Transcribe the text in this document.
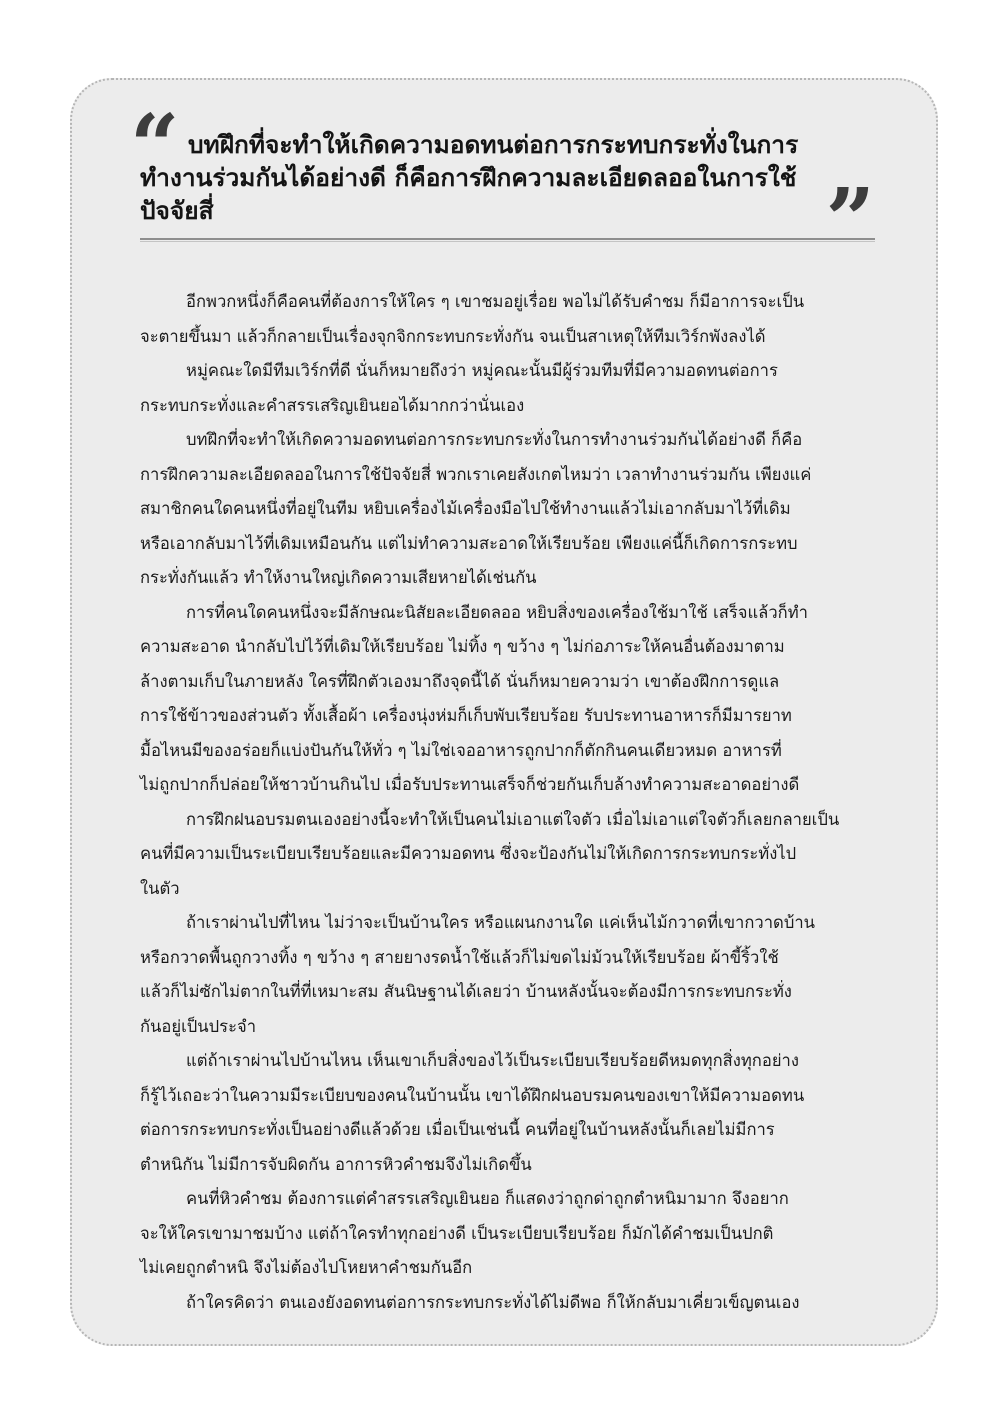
“ บทฝึกที่จะทำให้เกิดความอดทนต่อการกระทบกระทั่งในการ
ทำงานร่วมกันได้อย่างดี ก็คือการฝึกความละเอียดลออในการใช้
ปัจจัยสี่	”

อีกพวกหนึ่งก็คือคนที่ต้องการให้ใคร ๆ เขาชมอยู่เรื่อย พอไม่ได้รับคำชม ก็มีอาการจะเป็น
จะตายขึ้นมา แล้วก็กลายเป็นเรื่องจุกจิกกระทบกระทั่งกัน จนเป็นสาเหตุให้ทีมเวิร์กพังลงได้

หมู่คณะใดมีทีมเวิร์กที่ดี นั่นก็หมายถึงว่า หมู่คณะนั้นมีผู้ร่วมทีมที่มีความอดทนต่อการ
กระทบกระทั่งและคำสรรเสริญเยินยอได้มากกว่านั่นเอง

บทฝึกที่จะทำให้เกิดความอดทนต่อการกระทบกระทั่งในการทำงานร่วมกันได้อย่างดี ก็คือ
การฝึกความละเอียดลออในการใช้ปัจจัยสี่ พวกเราเคยสังเกตไหมว่า เวลาทำงานร่วมกัน เพียงแค่
สมาชิกคนใดคนหนึ่งที่อยู่ในทีม หยิบเครื่องไม้เครื่องมือไปใช้ทำงานแล้วไม่เอากลับมาไว้ที่เดิม
หรือเอากลับมาไว้ที่เดิมเหมือนกัน แต่ไม่ทำความสะอาดให้เรียบร้อย เพียงแค่นี้ก็เกิดการกระทบ
กระทั่งกันแล้ว ทำให้งานใหญ่เกิดความเสียหายได้เช่นกัน

การที่คนใดคนหนึ่งจะมีลักษณะนิสัยละเอียดลออ หยิบสิ่งของเครื่องใช้มาใช้ เสร็จแล้วก็ทำ
ความสะอาด นำกลับไปไว้ที่เดิมให้เรียบร้อย ไม่ทิ้ง ๆ ขว้าง ๆ ไม่ก่อภาระให้คนอื่นต้องมาตาม
ล้างตามเก็บในภายหลัง ใครที่ฝึกตัวเองมาถึงจุดนี้ได้ นั่นก็หมายความว่า เขาต้องฝึกการดูแล
การใช้ข้าวของส่วนตัว ทั้งเสื้อผ้า เครื่องนุ่งห่มก็เก็บพับเรียบร้อย รับประทานอาหารก็มีมารยาท
มื้อไหนมีของอร่อยก็แบ่งปันกันให้ทั่ว ๆ ไม่ใช่เจออาหารถูกปากก็ตักกินคนเดียวหมด อาหารที่
ไม่ถูกปากก็ปล่อยให้ชาวบ้านกินไป เมื่อรับประทานเสร็จก็ช่วยกันเก็บล้างทำความสะอาดอย่างดี

การฝึกฝนอบรมตนเองอย่างนี้จะทำให้เป็นคนไม่เอาแต่ใจตัว เมื่อไม่เอาแต่ใจตัวก็เลยกลายเป็น
คนที่มีความเป็นระเบียบเรียบร้อยและมีความอดทน ซึ่งจะป้องกันไม่ให้เกิดการกระทบกระทั่งไป
ในตัว

ถ้าเราผ่านไปที่ไหน ไม่ว่าจะเป็นบ้านใคร หรือแผนกงานใด แค่เห็นไม้กวาดที่เขากวาดบ้าน
หรือกวาดพื้นถูกวางทิ้ง ๆ ขว้าง ๆ สายยางรดน้ำใช้แล้วก็ไม่ขดไม่ม้วนให้เรียบร้อย ผ้าขี้ริ้วใช้
แล้วก็ไม่ซักไม่ตากในที่ที่เหมาะสม สันนิษฐานได้เลยว่า บ้านหลังนั้นจะต้องมีการกระทบกระทั่ง
กันอยู่เป็นประจำ

แต่ถ้าเราผ่านไปบ้านไหน เห็นเขาเก็บสิ่งของไว้เป็นระเบียบเรียบร้อยดีหมดทุกสิ่งทุกอย่าง
ก็รู้ไว้เถอะว่าในความมีระเบียบของคนในบ้านนั้น เขาได้ฝึกฝนอบรมคนของเขาให้มีความอดทน
ต่อการกระทบกระทั่งเป็นอย่างดีแล้วด้วย เมื่อเป็นเช่นนี้ คนที่อยู่ในบ้านหลังนั้นก็เลยไม่มีการ
ตำหนิกัน ไม่มีการจับผิดกัน อาการหิวคำชมจึงไม่เกิดขึ้น

คนที่หิวคำชม ต้องการแต่คำสรรเสริญเยินยอ ก็แสดงว่าถูกด่าถูกตำหนิมามาก จึงอยาก
จะให้ใครเขามาชมบ้าง แต่ถ้าใครทำทุกอย่างดี เป็นระเบียบเรียบร้อย ก็มักได้คำชมเป็นปกติ
ไม่เคยถูกตำหนิ จึงไม่ต้องไปโหยหาคำชมกันอีก

ถ้าใครคิดว่า ตนเองยังอดทนต่อการกระทบกระทั่งได้ไม่ดีพอ ก็ให้กลับมาเคี่ยวเข็ญตนเอง
